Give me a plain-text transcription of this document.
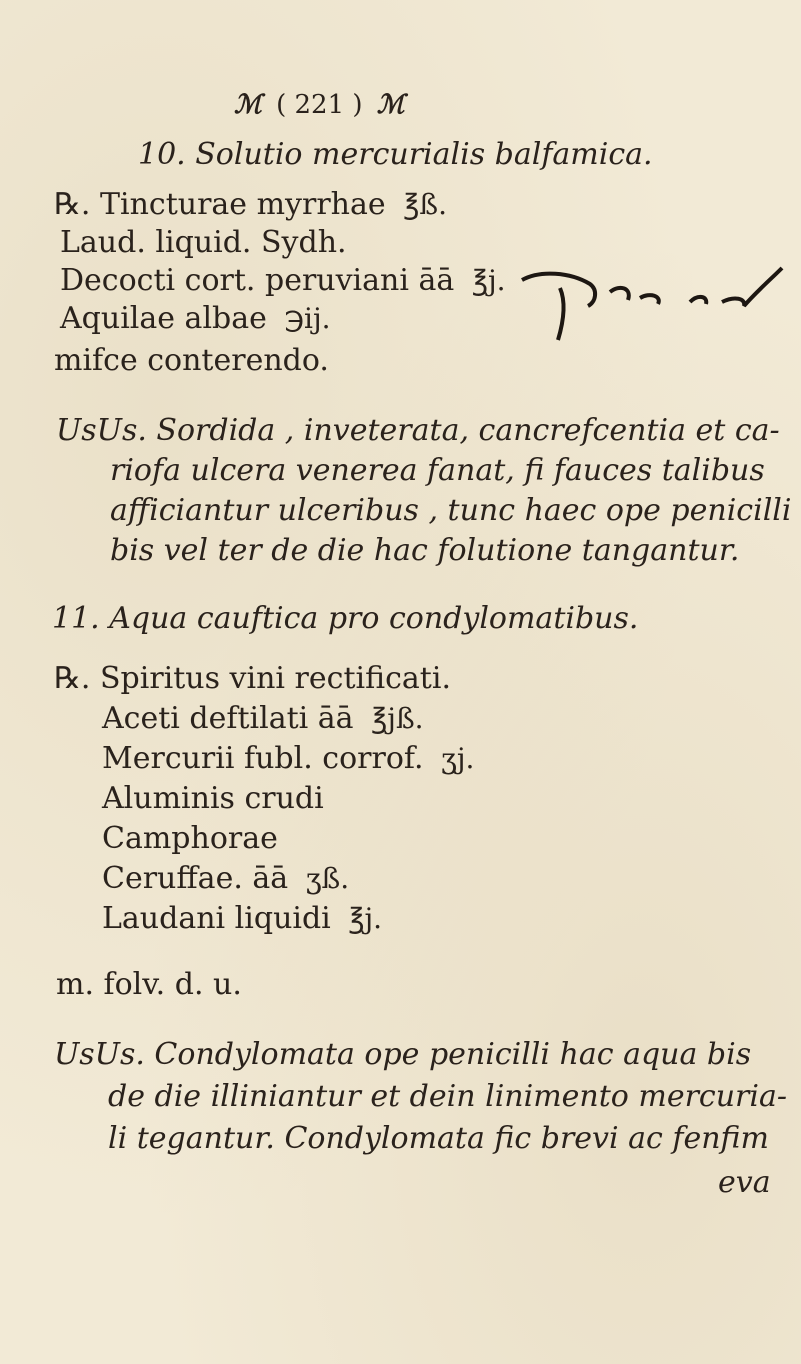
ℳ ( 221 ) ℳ
10. Solutio mercurialis balfamica.
℞. Tincturae myrrhae ℥ß.
Laud. liquid. Sydh.
Decocti cort. peruviani āā ℥j.
Aquilae albae ℈ij.
mifce conterendo.
UsUs. Sordida , inveterata, cancrefcentia et ca-
riofa ulcera venerea fanat, fi fauces talibus
afficiantur ulceribus , tunc haec ope penicilli
bis vel ter de die hac folutione tangantur.
11. Aqua cauftica pro condylomatibus.
℞. Spiritus vini rectificati.
Aceti deftilati āā ℥jß.
Mercurii fubl. corrof. ʒj.
Aluminis crudi
Camphorae
Ceruffae. āā ʒß.
Laudani liquidi ℥j.
m. folv. d. u.
UsUs. Condylomata ope penicilli hac aqua bis
de die illiniantur et dein linimento mercuria-
li tegantur. Condylomata fic brevi ac fenfim
eva
